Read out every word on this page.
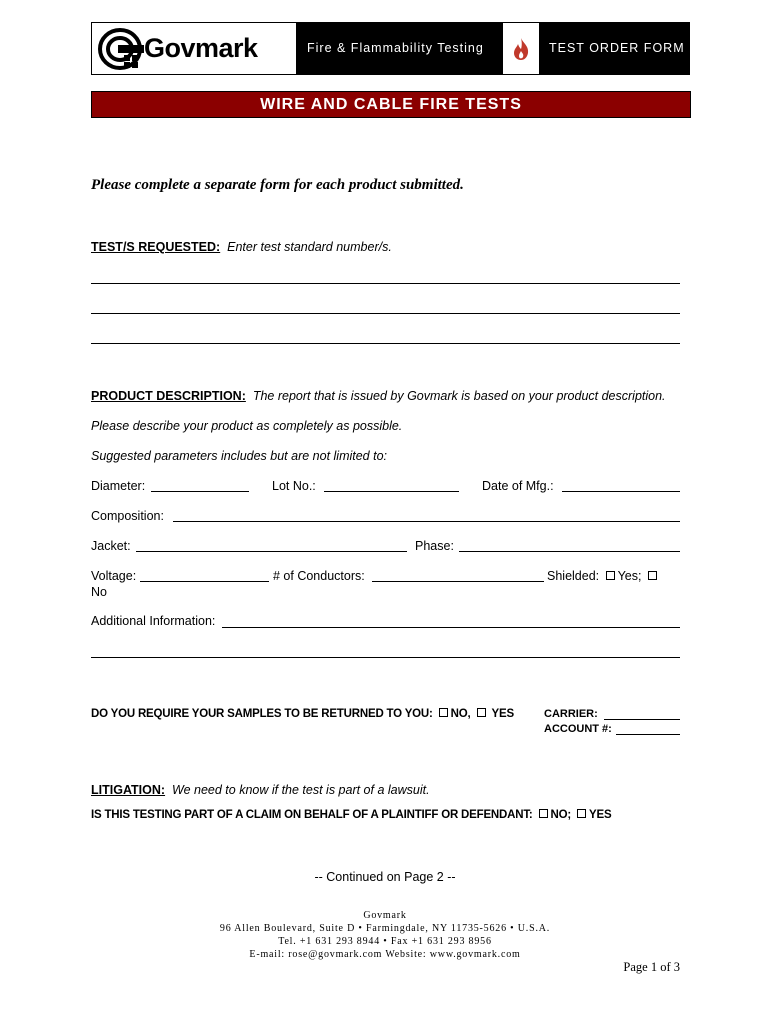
Govmark	Fire & Flammability Testing	TEST ORDER FORM
WIRE AND CABLE FIRE TESTS
Please complete a separate form for each product submitted.
TEST/S REQUESTED: Enter test standard number/s.
PRODUCT DESCRIPTION: The report that is issued by Govmark is based on your product description.
Please describe your product as completely as possible.
Suggested parameters includes but are not limited to:
Diameter:	Lot No.:	Date of Mfg.:
Composition:
Jacket:	Phase:
Voltage:	# of Conductors:	Shielded: Yes;
No
Additional Information:
DO YOU REQUIRE YOUR SAMPLES TO BE RETURNED TO YOU: NO, YES	CARRIER:
ACCOUNT #:
LITIGATION: We need to know if the test is part of a lawsuit.
IS THIS TESTING PART OF A CLAIM ON BEHALF OF A PLAINTIFF OR DEFENDANT: NO; YES
-- Continued on Page 2 --
Govmark
96 Allen Boulevard, Suite D • Farmingdale, NY 11735-5626 • U.S.A.
Tel. +1 631 293 8944 • Fax +1 631 293 8956
E-mail: rose@govmark.com Website: www.govmark.com
Page 1 of 3
